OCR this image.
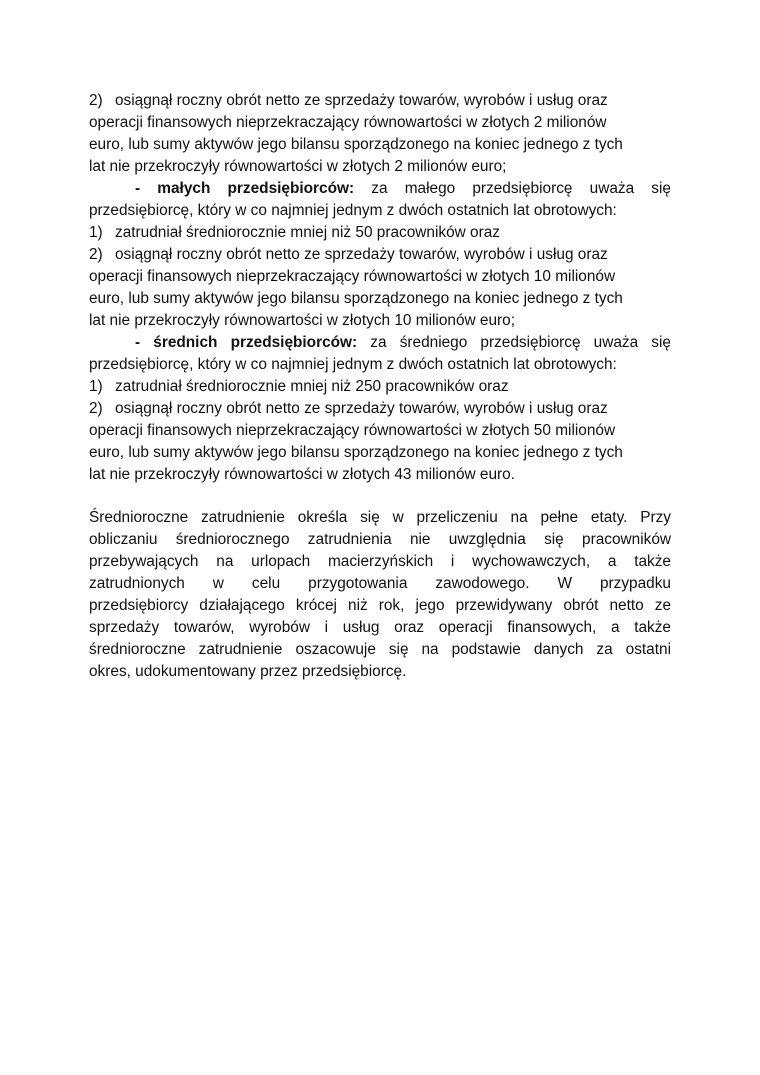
2) osiągnął roczny obrót netto ze sprzedaży towarów, wyrobów i usług oraz
operacji finansowych nieprzekraczający równowartości w złotych 2 milionów
euro, lub sumy aktywów jego bilansu sporządzonego na koniec jednego z tych
lat nie przekroczyły równowartości w złotych 2 milionów euro;
- małych przedsiębiorców: za małego przedsiębiorcę uważa się
przedsiębiorcę, który w co najmniej jednym z dwóch ostatnich lat obrotowych:
1) zatrudniał średniorocznie mniej niż 50 pracowników oraz
2) osiągnął roczny obrót netto ze sprzedaży towarów, wyrobów i usług oraz
operacji finansowych nieprzekraczający równowartości w złotych 10 milionów
euro, lub sumy aktywów jego bilansu sporządzonego na koniec jednego z tych
lat nie przekroczyły równowartości w złotych 10 milionów euro;
- średnich przedsiębiorców: za średniego przedsiębiorcę uważa się
przedsiębiorcę, który w co najmniej jednym z dwóch ostatnich lat obrotowych:
1) zatrudniał średniorocznie mniej niż 250 pracowników oraz
2) osiągnął roczny obrót netto ze sprzedaży towarów, wyrobów i usług oraz
operacji finansowych nieprzekraczający równowartości w złotych 50 milionów
euro, lub sumy aktywów jego bilansu sporządzonego na koniec jednego z tych
lat nie przekroczyły równowartości w złotych 43 milionów euro.
Średnioroczne zatrudnienie określa się w przeliczeniu na pełne etaty. Przy
obliczaniu średniorocznego zatrudnienia nie uwzględnia się pracowników
przebywających na urlopach macierzyńskich i wychowawczych, a także
zatrudnionych w celu przygotowania zawodowego. W przypadku
przedsiębiorcy działającego krócej niż rok, jego przewidywany obrót netto ze
sprzedaży towarów, wyrobów i usług oraz operacji finansowych, a także
średnioroczne zatrudnienie oszacowuje się na podstawie danych za ostatni
okres, udokumentowany przez przedsiębiorcę.
